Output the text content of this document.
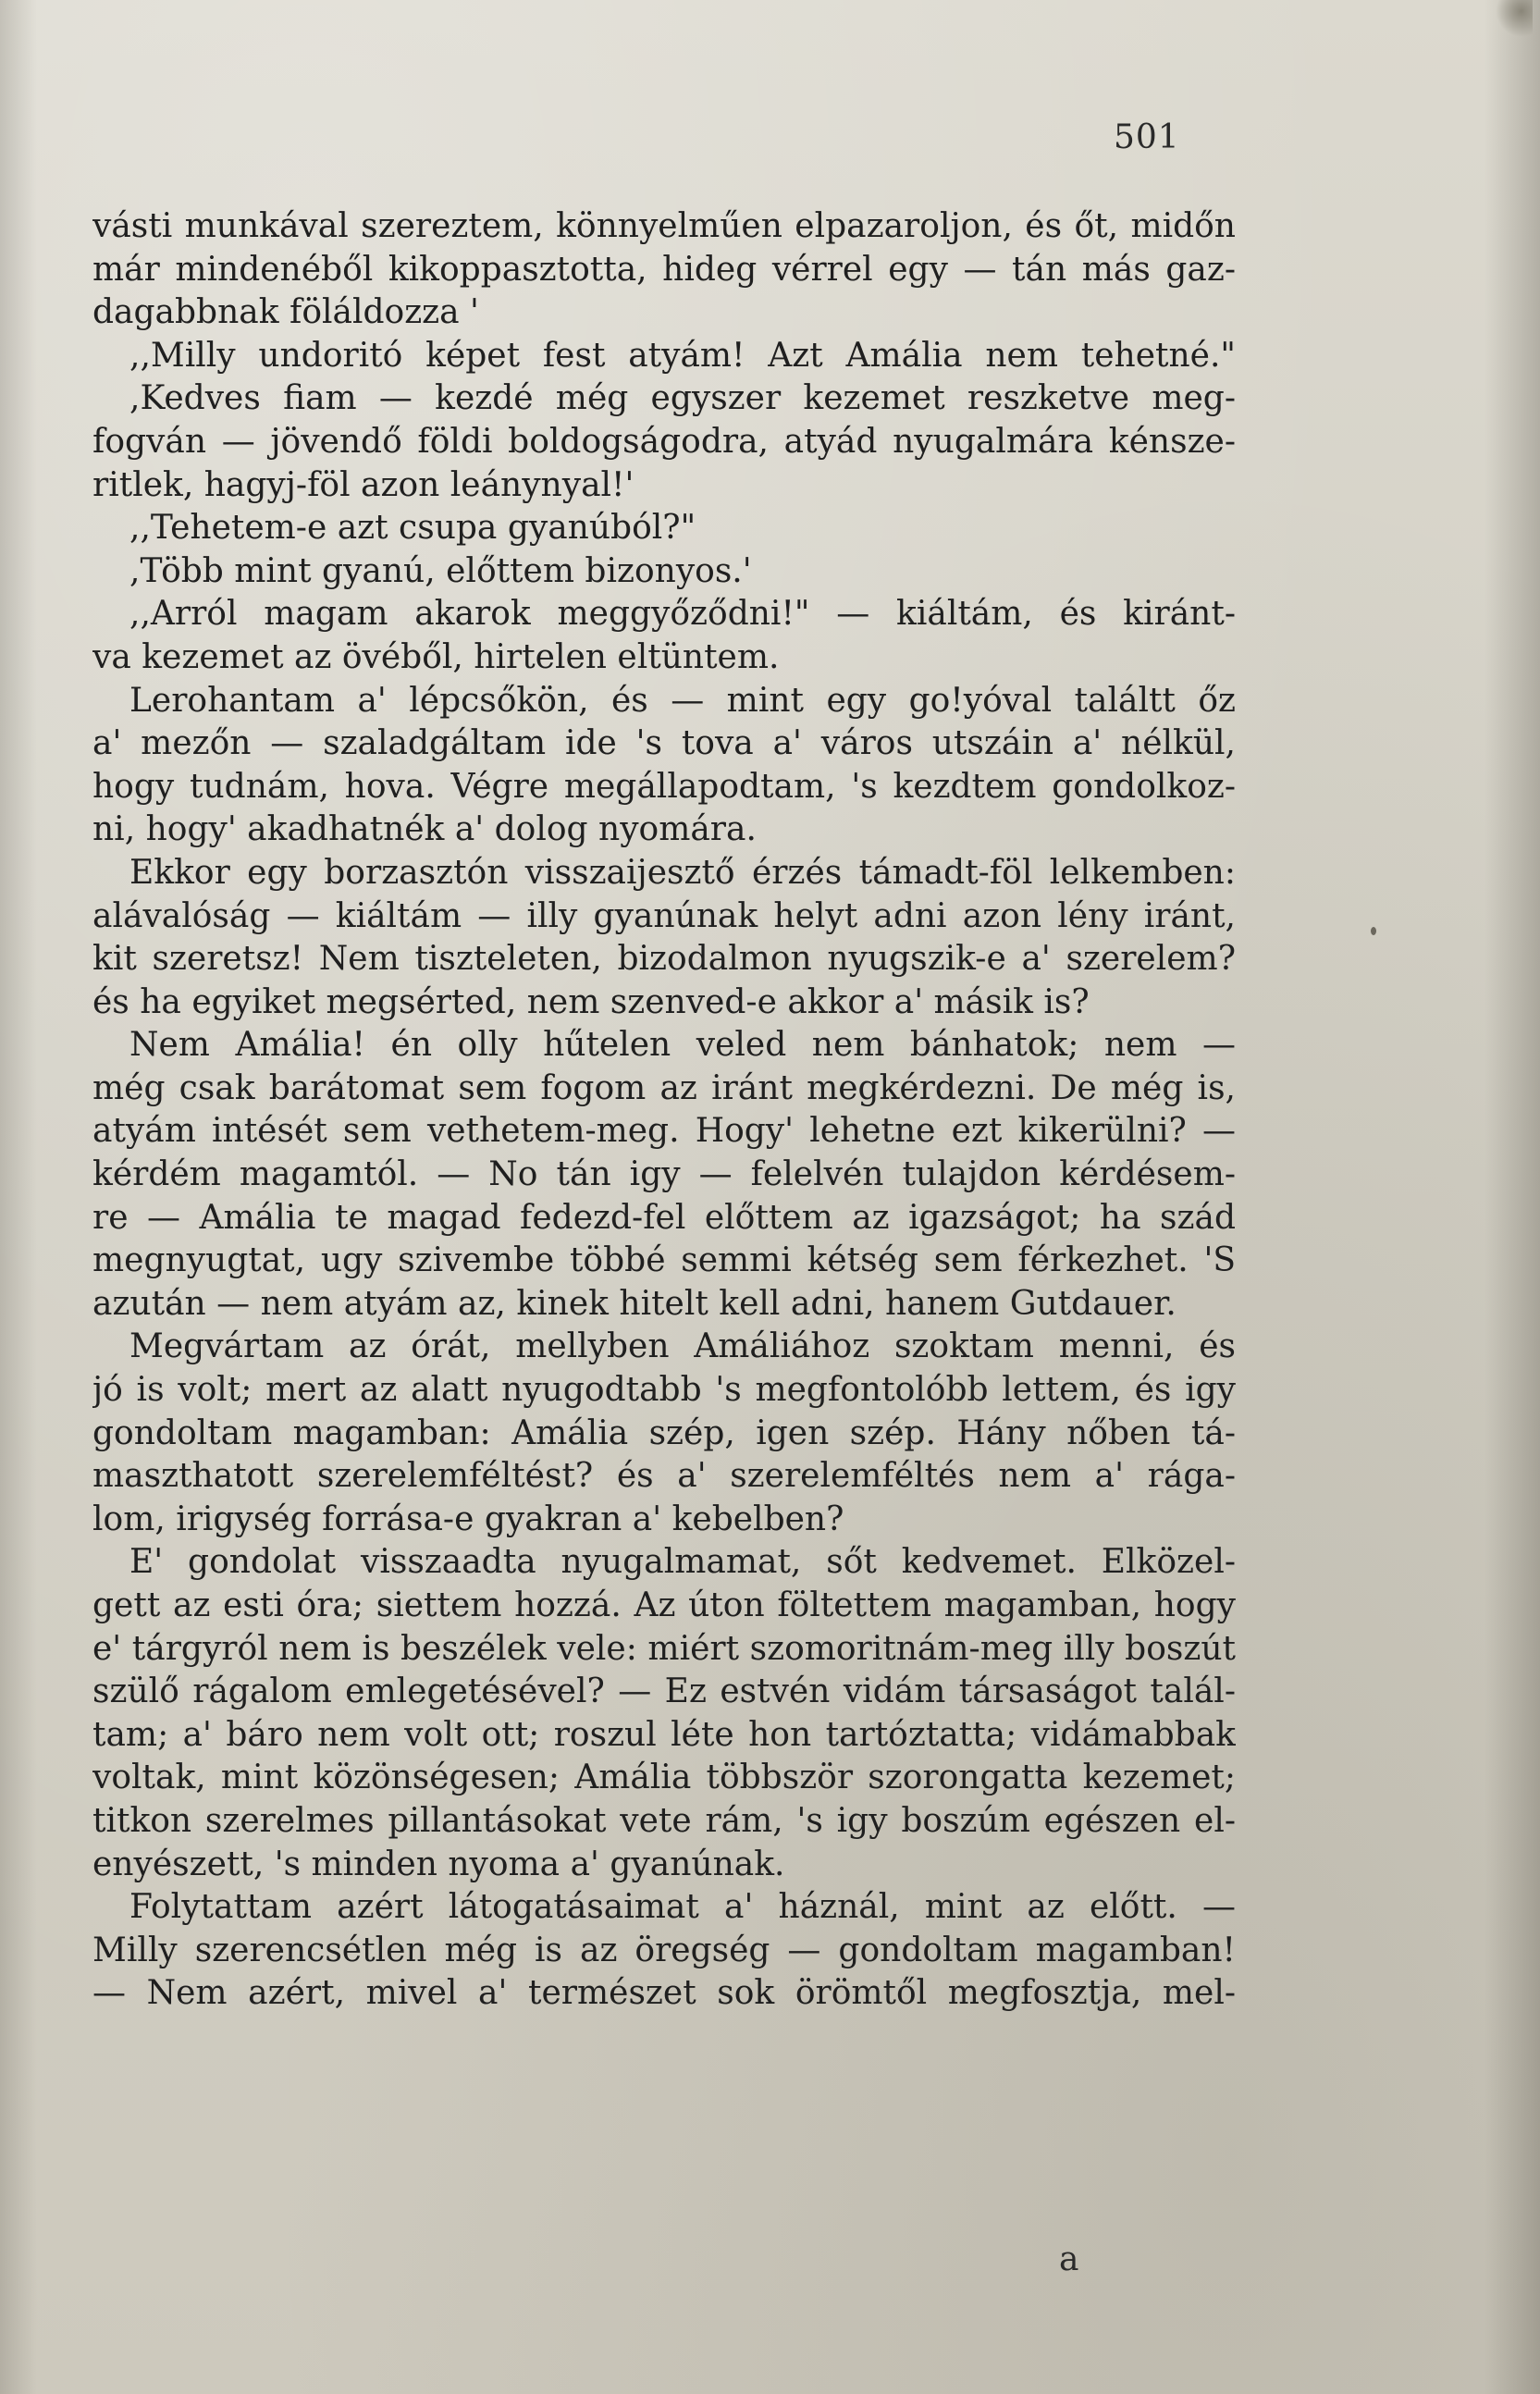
501
vásti munkával szereztem, könnyelműen elpazaroljon, és őt, midőn
már mindenéből kikoppasztotta, hideg vérrel egy — tán más gaz-
dagabbnak föláldozza '
,,Milly undoritó képet fest atyám! Azt Amália nem tehetné."
,Kedves fiam — kezdé még egyszer kezemet reszketve meg-
fogván — jövendő földi boldogságodra, atyád nyugalmára kénsze-
ritlek, hagyj-föl azon leánynyal!'
,,Tehetem-e azt csupa gyanúból?"
,Több mint gyanú, előttem bizonyos.'
,,Arról magam akarok meggyőződni!" — kiáltám, és kiránt-
va kezemet az övéből, hirtelen eltüntem.
Lerohantam a' lépcsőkön, és — mint egy go!yóval találtt őz
a' mezőn — szaladgáltam ide 's tova a' város utszáin a' nélkül,
hogy tudnám, hova. Végre megállapodtam, 's kezdtem gondolkoz-
ni, hogy' akadhatnék a' dolog nyomára.
Ekkor egy borzasztón visszaijesztő érzés támadt-föl lelkemben:
alávalóság — kiáltám — illy gyanúnak helyt adni azon lény iránt,
kit szeretsz! Nem tiszteleten, bizodalmon nyugszik-e a' szerelem?
és ha egyiket megsérted, nem szenved-e akkor a' másik is?
Nem Amália! én olly hűtelen veled nem bánhatok; nem —
még csak barátomat sem fogom az iránt megkérdezni. De még is,
atyám intését sem vethetem-meg. Hogy' lehetne ezt kikerülni? —
kérdém magamtól. — No tán igy — felelvén tulajdon kérdésem-
re — Amália te magad fedezd-fel előttem az igazságot; ha szád
megnyugtat, ugy szivembe többé semmi kétség sem férkezhet. 'S
azután — nem atyám az, kinek hitelt kell adni, hanem Gutdauer.
Megvártam az órát, mellyben Amáliához szoktam menni, és
jó is volt; mert az alatt nyugodtabb 's megfontolóbb lettem, és igy
gondoltam magamban: Amália szép, igen szép. Hány nőben tá-
maszthatott szerelemféltést? és a' szerelemféltés nem a' rága-
lom, irigység forrása-e gyakran a' kebelben?
E' gondolat visszaadta nyugalmamat, sőt kedvemet. Elközel-
gett az esti óra; siettem hozzá. Az úton föltettem magamban, hogy
e' tárgyról nem is beszélek vele: miért szomoritnám-meg illy boszút
szülő rágalom emlegetésével? — Ez estvén vidám társaságot talál-
tam; a' báro nem volt ott; roszul léte hon tartóztatta; vidámabbak
voltak, mint közönségesen; Amália többször szorongatta kezemet;
titkon szerelmes pillantásokat vete rám, 's igy boszúm egészen el-
enyészett, 's minden nyoma a' gyanúnak.
Folytattam azért látogatásaimat a' háznál, mint az előtt. —
Milly szerencsétlen még is az öregség — gondoltam magamban!
— Nem azért, mivel a' természet sok örömtől megfosztja, mel-
a
